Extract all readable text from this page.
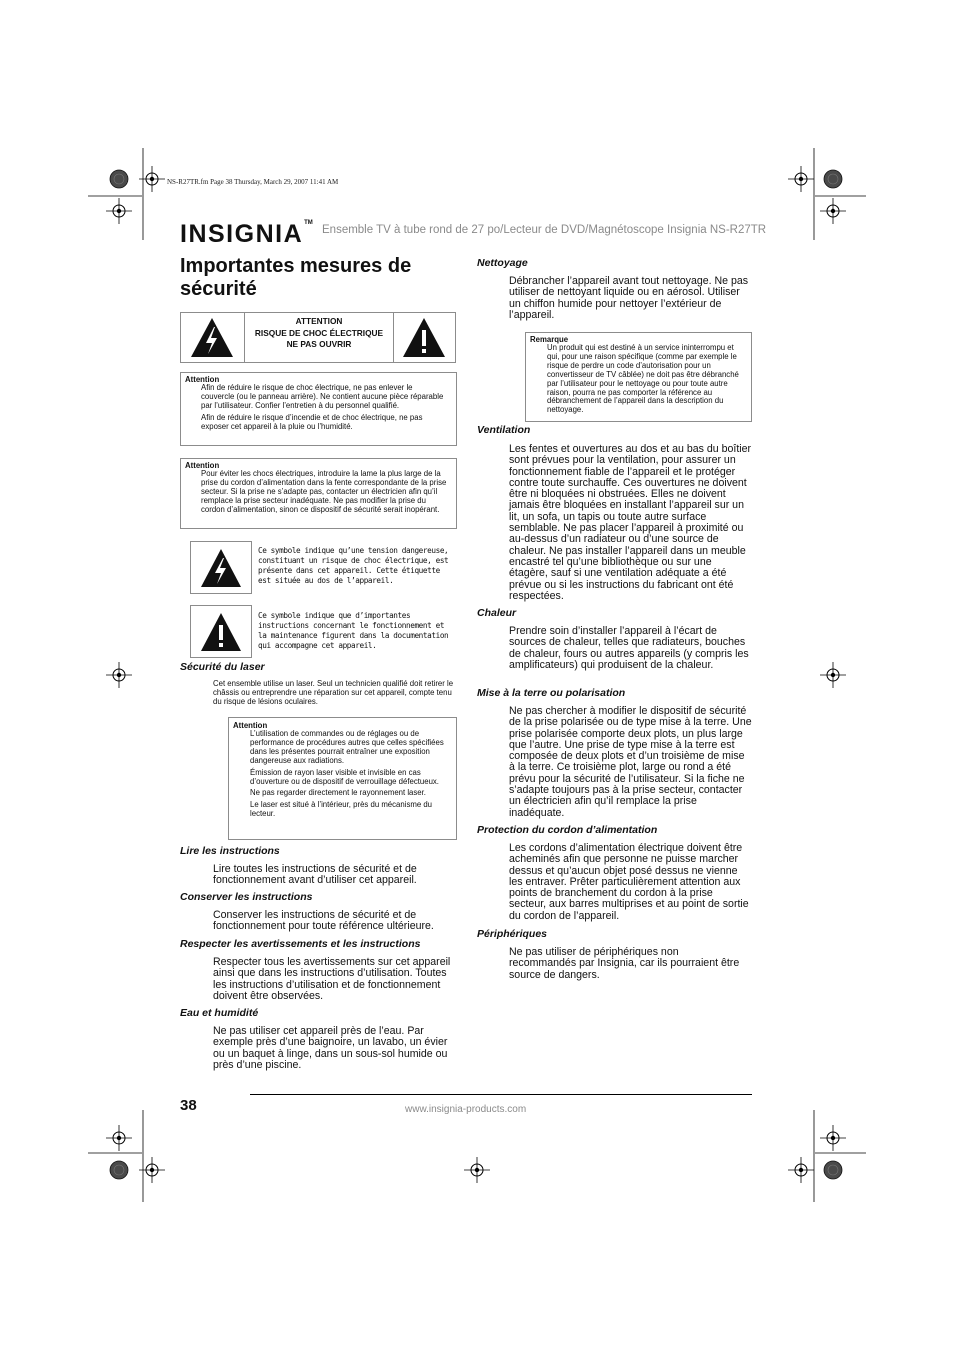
NS-R27TR.fm Page 38 Thursday, March 29, 2007 11:41 AM
INSIGNIA™
Ensemble TV à tube rond de 27 po/Lecteur de DVD/Magnétoscope Insignia NS-R27TR
Importantes mesures de sécurité
ATTENTION
RISQUE DE CHOC ÉLECTRIQUE
NE PAS OUVRIR
Attention

Afin de réduire le risque de choc électrique, ne pas enlever le couvercle (ou le panneau arrière). Ne contient aucune pièce réparable par l’utilisateur. Confier l’entretien à du personnel qualifié.

Afin de réduire le risque d’incendie et de choc électrique, ne pas exposer cet appareil à la pluie ou l’humidité.

Attention

Pour éviter les chocs électriques, introduire la lame la plus large de la prise du cordon d’alimentation dans la fente correspondante de la prise secteur. Si la prise ne s’adapte pas, contacter un électricien afin qu’il remplace la prise secteur inadéquate. Ne pas modifier la prise du cordon d’alimentation, sinon ce dispositif de sécurité serait inopérant.

Ce symbole indique qu’une tension dangereuse, constituant un risque de choc électrique, est présente dans cet appareil. Cette étiquette est située au dos de l’appareil.
Ce symbole indique que d’importantes instructions concernant le fonctionnement et la maintenance figurent dans la documentation qui accompagne cet appareil.
Sécurité du laser
Cet ensemble utilise un laser. Seul un technicien qualifié doit retirer le châssis ou entreprendre une réparation sur cet appareil, compte tenu du risque de lésions oculaires.
Attention

L’utilisation de commandes ou de réglages ou de performance de procédures autres que celles spécifiées dans les présentes pourrait entraîner une exposition dangereuse aux radiations.

Émission de rayon laser visible et invisible en cas d’ouverture ou de dispositif de verrouillage défectueux.

Ne pas regarder directement le rayonnement laser.

Le laser est situé à l’intérieur, près du mécanisme du lecteur.

Lire les instructions
Lire toutes les instructions de sécurité et de fonctionnement avant d’utiliser cet appareil.
Conserver les instructions
Conserver les instructions de sécurité et de fonctionnement pour toute référence ultérieure.
Respecter les avertissements et les instructions
Respecter tous les avertissements sur cet appareil ainsi que dans les instructions d’utilisation. Toutes les instructions d’utilisation et de fonctionnement doivent être observées.
Eau et humidité
Ne pas utiliser cet appareil près de l’eau. Par exemple près d’une baignoire, un lavabo, un évier ou un baquet à linge, dans un sous-sol humide ou près d’une piscine.
Nettoyage
Débrancher l’appareil avant tout nettoyage. Ne pas utiliser de nettoyant liquide ou en aérosol. Utiliser un chiffon humide pour nettoyer l’extérieur de l’appareil.
Remarque
Un produit qui est destiné à un service ininterrompu et qui, pour une raison spécifique (comme par exemple le risque de perdre un code d’autorisation pour un convertisseur de TV câblée) ne doit pas être débranché par l’utilisateur pour le nettoyage ou pour toute autre raison, pourra ne pas comporter la référence au débranchement de l’appareil dans la description du nettoyage.
Ventilation
Les fentes et ouvertures au dos et au bas du boîtier sont prévues pour la ventilation, pour assurer un fonctionnement fiable de l’appareil et le protéger contre toute surchauffe. Ces ouvertures ne doivent être ni bloquées ni obstruées. Elles ne doivent jamais être bloquées en installant l’appareil sur un lit, un sofa, un tapis ou toute autre surface semblable. Ne pas placer l’appareil à proximité ou au-dessus d’un radiateur ou d’une source de chaleur. Ne pas installer l’appareil dans un meuble encastré tel qu’une bibliothèque ou sur une étagère, sauf si une ventilation adéquate a été prévue ou si les instructions du fabricant ont été respectées.
Chaleur
Prendre soin d’installer l’appareil à l’écart de sources de chaleur, telles que radiateurs, bouches de chaleur, fours ou autres appareils (y compris les amplificateurs) qui produisent de la chaleur.
Mise à la terre ou polarisation
Ne pas chercher à modifier le dispositif de sécurité de la prise polarisée ou de type mise à la terre. Une prise polarisée comporte deux plots, un plus large que l’autre. Une prise de type mise à la terre est composée de deux plots et d’un troisième de mise à la terre. Ce troisième plot, large ou rond a été prévu pour la sécurité de l’utilisateur. Si la fiche ne s’adapte toujours pas à la prise secteur, contacter un électricien afin qu’il remplace la prise inadéquate.
Protection du cordon d’alimentation
Les cordons d’alimentation électrique doivent être acheminés afin que personne ne puisse marcher dessus et qu’aucun objet posé dessus ne vienne les entraver. Prêter particulièrement attention aux points de branchement du cordon à la prise secteur, aux barres multiprises et au point de sortie du cordon de l’appareil.
Périphériques
Ne pas utiliser de périphériques non recommandés par Insignia, car ils pourraient être source de dangers.
38	www.insignia-products.com
